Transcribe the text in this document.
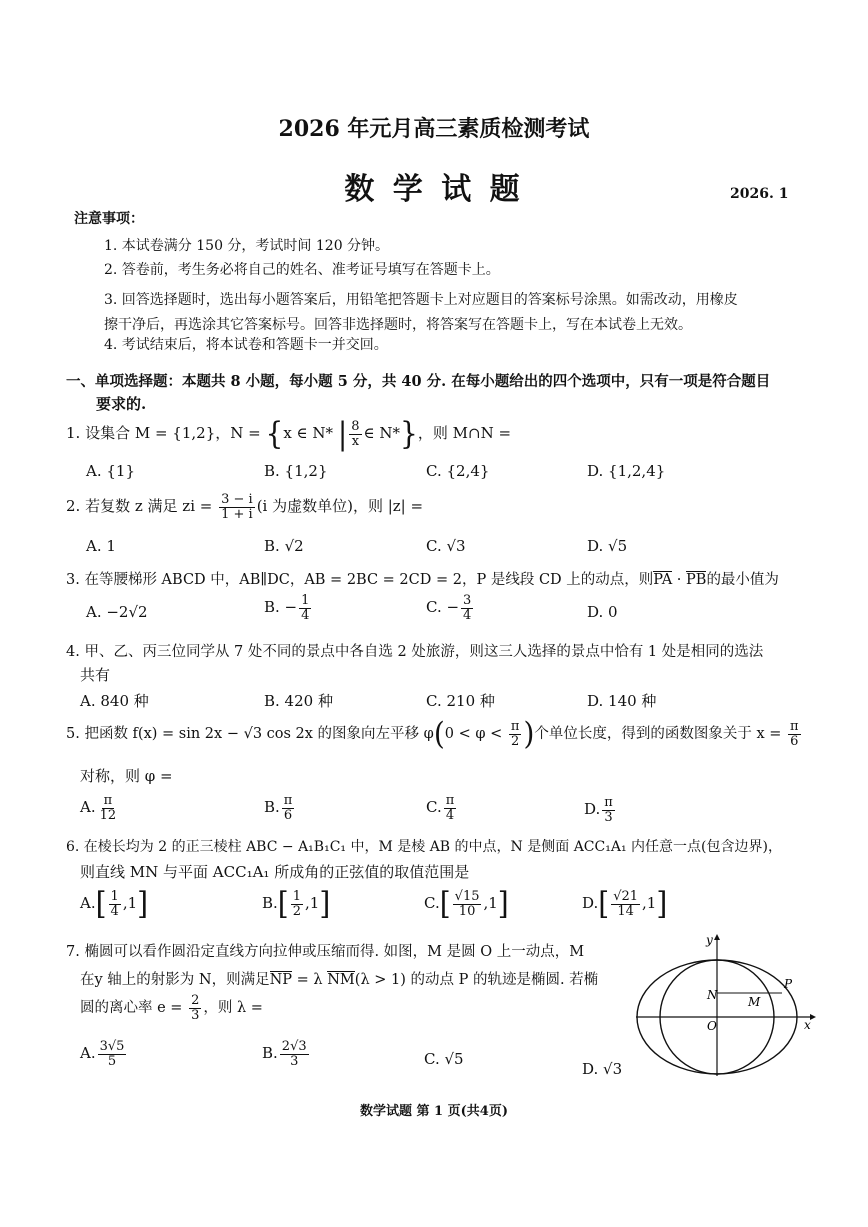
2026 年元月高三素质检测考试
数 学 试 题	2026. 1
注意事项：
1. 本试卷满分 150 分，考试时间 120 分钟。
2. 答卷前，考生务必将自己的姓名、准考证号填写在答题卡上。
3. 回答选择题时，选出每小题答案后，用铅笔把答题卡上对应题目的答案标号涂黑。如需改动，用橡皮
擦干净后，再选涂其它答案标号。回答非选择题时，将答案写在答题卡上，写在本试卷上无效。
4. 考试结束后，将本试卷和答题卡一并交回。
一、单项选择题：本题共 8 小题，每小题 5 分，共 40 分. 在每小题给出的四个选项中，只有一项是符合题目
要求的.
1. 设集合 M = {1,2}，N = {x ∈ N* | $\frac{8}{x}$ ∈ N*}，则 M∩N =
A. {1}	B. {1,2}	C. {2,4}	D. {1,2,4}
2. 若复数 z 满足 zi = $\frac{3 - i}{1 + i} (i$ 为虚数单位)，则 |z| =
A. 1	B. √2	C. √3	D. √5
3. 在等腰梯形 ABCD 中，AB∥DC，AB = 2BC = 2CD = 2，P 是线段 CD 上的动点，则PA · PB的最小值为
A. −2√2	B. − $\frac{1}{4}$	C. − $\frac{3}{4}$	D. 0
4. 甲、乙、丙三位同学从 7 处不同的景点中各自选 2 处旅游，则这三人选择的景点中恰有 1 处是相同的选法
共有
A. 840 种	B. 420 种	C. 210 种	D. 140 种
5. 把函数 f(x) = sin 2x − √3 cos 2x 的图象向左平移 $\varphi(0 < \varphi < \frac{\pi}{2}$ )个单位长度，得到的函数图象关于 $x = \frac{\pi}{6}$
对称，则 φ =
A. $\frac{\pi}{12}$	B. $\frac{\pi}{6}$	C. $\frac{\pi}{4}$	D. $\frac{\pi}{3}$
6. 在棱长均为 2 的正三棱柱 ABC − A₁B₁C₁ 中，M 是棱 AB 的中点，N 是侧面 ACC₁A₁ 内任意一点(包含边界)，
则直线 MN 与平面 ACC₁A₁ 所成角的正弦值的取值范围是
$A.[ \frac{1}{4} ,1]$	$B.[ \frac{1}{2} ,1]$	$C.[ \frac{√15}{10} ,1]$	$D.[ \frac{√21}{14} ,1]$
7. 椭圆可以看作圆沿定直线方向拉伸或压缩而得. 如图，M 是圆 O 上一动点，M
在y 轴上的射影为 N，则满足NP = λ NM(λ > 1) 的动点 P 的轨迹是椭圆. 若椭
圆的离心率 $e = \frac{2}{3}$ ，则 λ =
A. $\frac{3√5}{5}$	B. $\frac{2√3}{3}$	C. √5
D. √3
y
x
O
N	M
P
数学试题 第 1 页(共4页)
